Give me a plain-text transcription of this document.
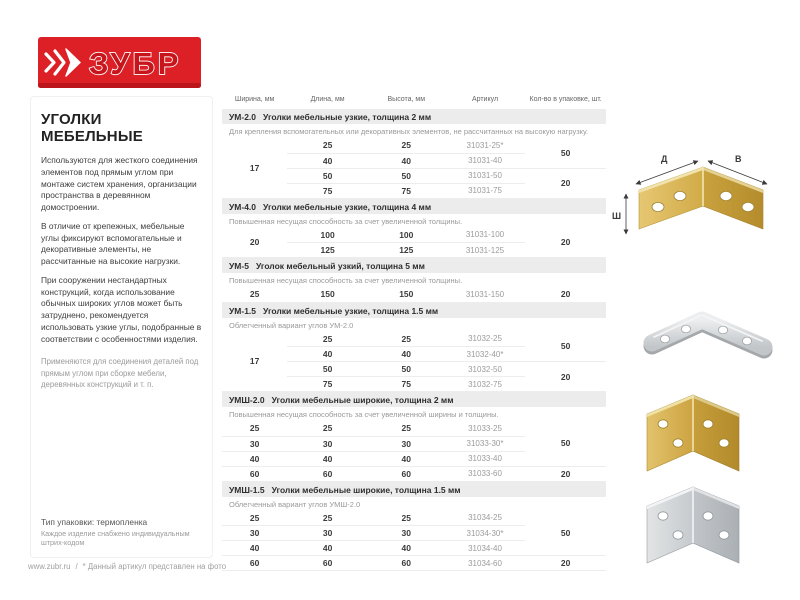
ЗУБР
УГОЛКИ МЕБЕЛЬНЫЕ

Используются для жесткого соединения элементов под прямым углом при монтаже систем хранения, организации пространства в деревянном домостроении.

В отличие от крепежных, мебельные углы фиксируют вспомогательные и декоративные элементы, не рассчитанные на высокие нагрузки.

При сооружении нестандартных конструкций, когда использование обычных широких углов может быть затруднено, рекомендуется использовать узкие углы, подобранные в соответствии с особенностями изделия.

Применяются для соединения деталей под прямым углом при сборке мебели, деревянных конструкций и т. п.

Тип упаковки: термопленка
Каждое изделие снабжено индивидуальным штрих-кодом
Ширина, мм	Длина, мм	Высота, мм	Артикул	Кол-во в упаковке, шт.
УМ-2.0 Уголки мебельные узкие, толщина 2 мм
Для крепления вспомогательных или декоративных элементов, не рассчитанных на высокую нагрузку.
17	25	25	31031-25*	50
	40	40	31031-40	
	50	50	31031-50	20
	75	75	31031-75	
УМ-4.0 Уголки мебельные узкие, толщина 4 мм
Повышенная несущая способность за счет увеличенной толщины.
20	100	100	31031-100	20
	125	125	31031-125	
УМ-5 Уголок мебельный узкий, толщина 5 мм
Повышенная несущая способность за счет увеличенной толщины.
25	150	150	31031-150	20
УМ-1.5 Уголки мебельные узкие, толщина 1.5 мм
Облегченный вариант углов УМ-2.0
17	25	25	31032-25	50
	40	40	31032-40*	
	50	50	31032-50	20
	75	75	31032-75	
УМШ-2.0 Уголки мебельные широкие, толщина 2 мм
Повышенная несущая способность за счет увеличенной ширины и толщины.
25	25	25	31033-25	50
30	30	30	31033-30*	
40	40	40	31033-40	
60	60	60	31033-60	20
УМШ-1.5 Уголки мебельные широкие, толщина 1.5 мм
Облегченный вариант углов УМШ-2.0
25	25	25	31034-25	50
30	30	30	31034-30*	
40	40	40	31034-40	
60	60	60	31034-60	20
Д	В
Ш
www.zubr.ru / * Данный артикул представлен на фото
